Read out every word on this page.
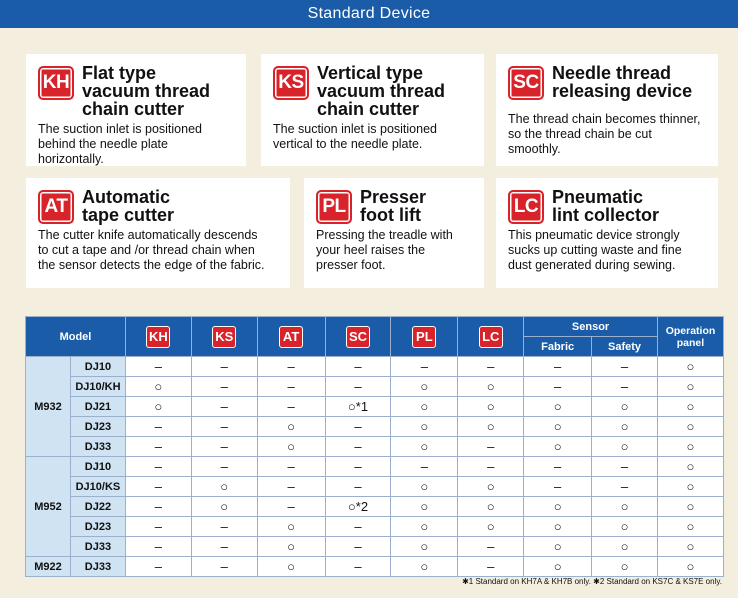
Standard Device
KH Flat type
vacuum thread
chain cutter
The suction inlet is positioned
behind the needle plate horizontally.
KS Vertical type
vacuum thread
chain cutter
The suction inlet is positioned
vertical to the needle plate.
SC Needle thread
releasing device
The thread chain becomes thinner,
so the thread chain be cut
smoothly.
AT Automatic
tape cutter
The cutter knife automatically descends
to cut a tape and /or thread chain when
the sensor detects the edge of the fabric.
PL Presser
foot lift
Pressing the treadle with
your heel raises the
presser foot.
LC Pneumatic
lint collector
This pneumatic device strongly
sucks up cutting waste and fine
dust generated during sewing.
Model		KH	KS	AT	SC	PL	LC	Sensor		Operation
panel

								Fabric	Safety	
M932	DJ10	–	–	–	–	–	–	–	–	○
	DJ10/KH	○	–	–	–	○	○	–	–	○
	DJ21	○	–	–	○*1	○	○	○	○	○
	DJ23	–	–	○	–	○	○	○	○	○
	DJ33	–	–	○	–	○	–	○	○	○
M952	DJ10	–	–	–	–	–	–	–	–	○
	DJ10/KS	–	○	–	–	○	○	–	–	○
	DJ22	–	○	–	○*2	○	○	○	○	○
	DJ23	–	–	○	–	○	○	○	○	○
	DJ33	–	–	○	–	○	–	○	○	○
M922	DJ33	–	–	○	–	○	–	○	○	○
✱1 Standard on KH7A & KH7B only. ✱2 Standard on KS7C & KS7E only.
